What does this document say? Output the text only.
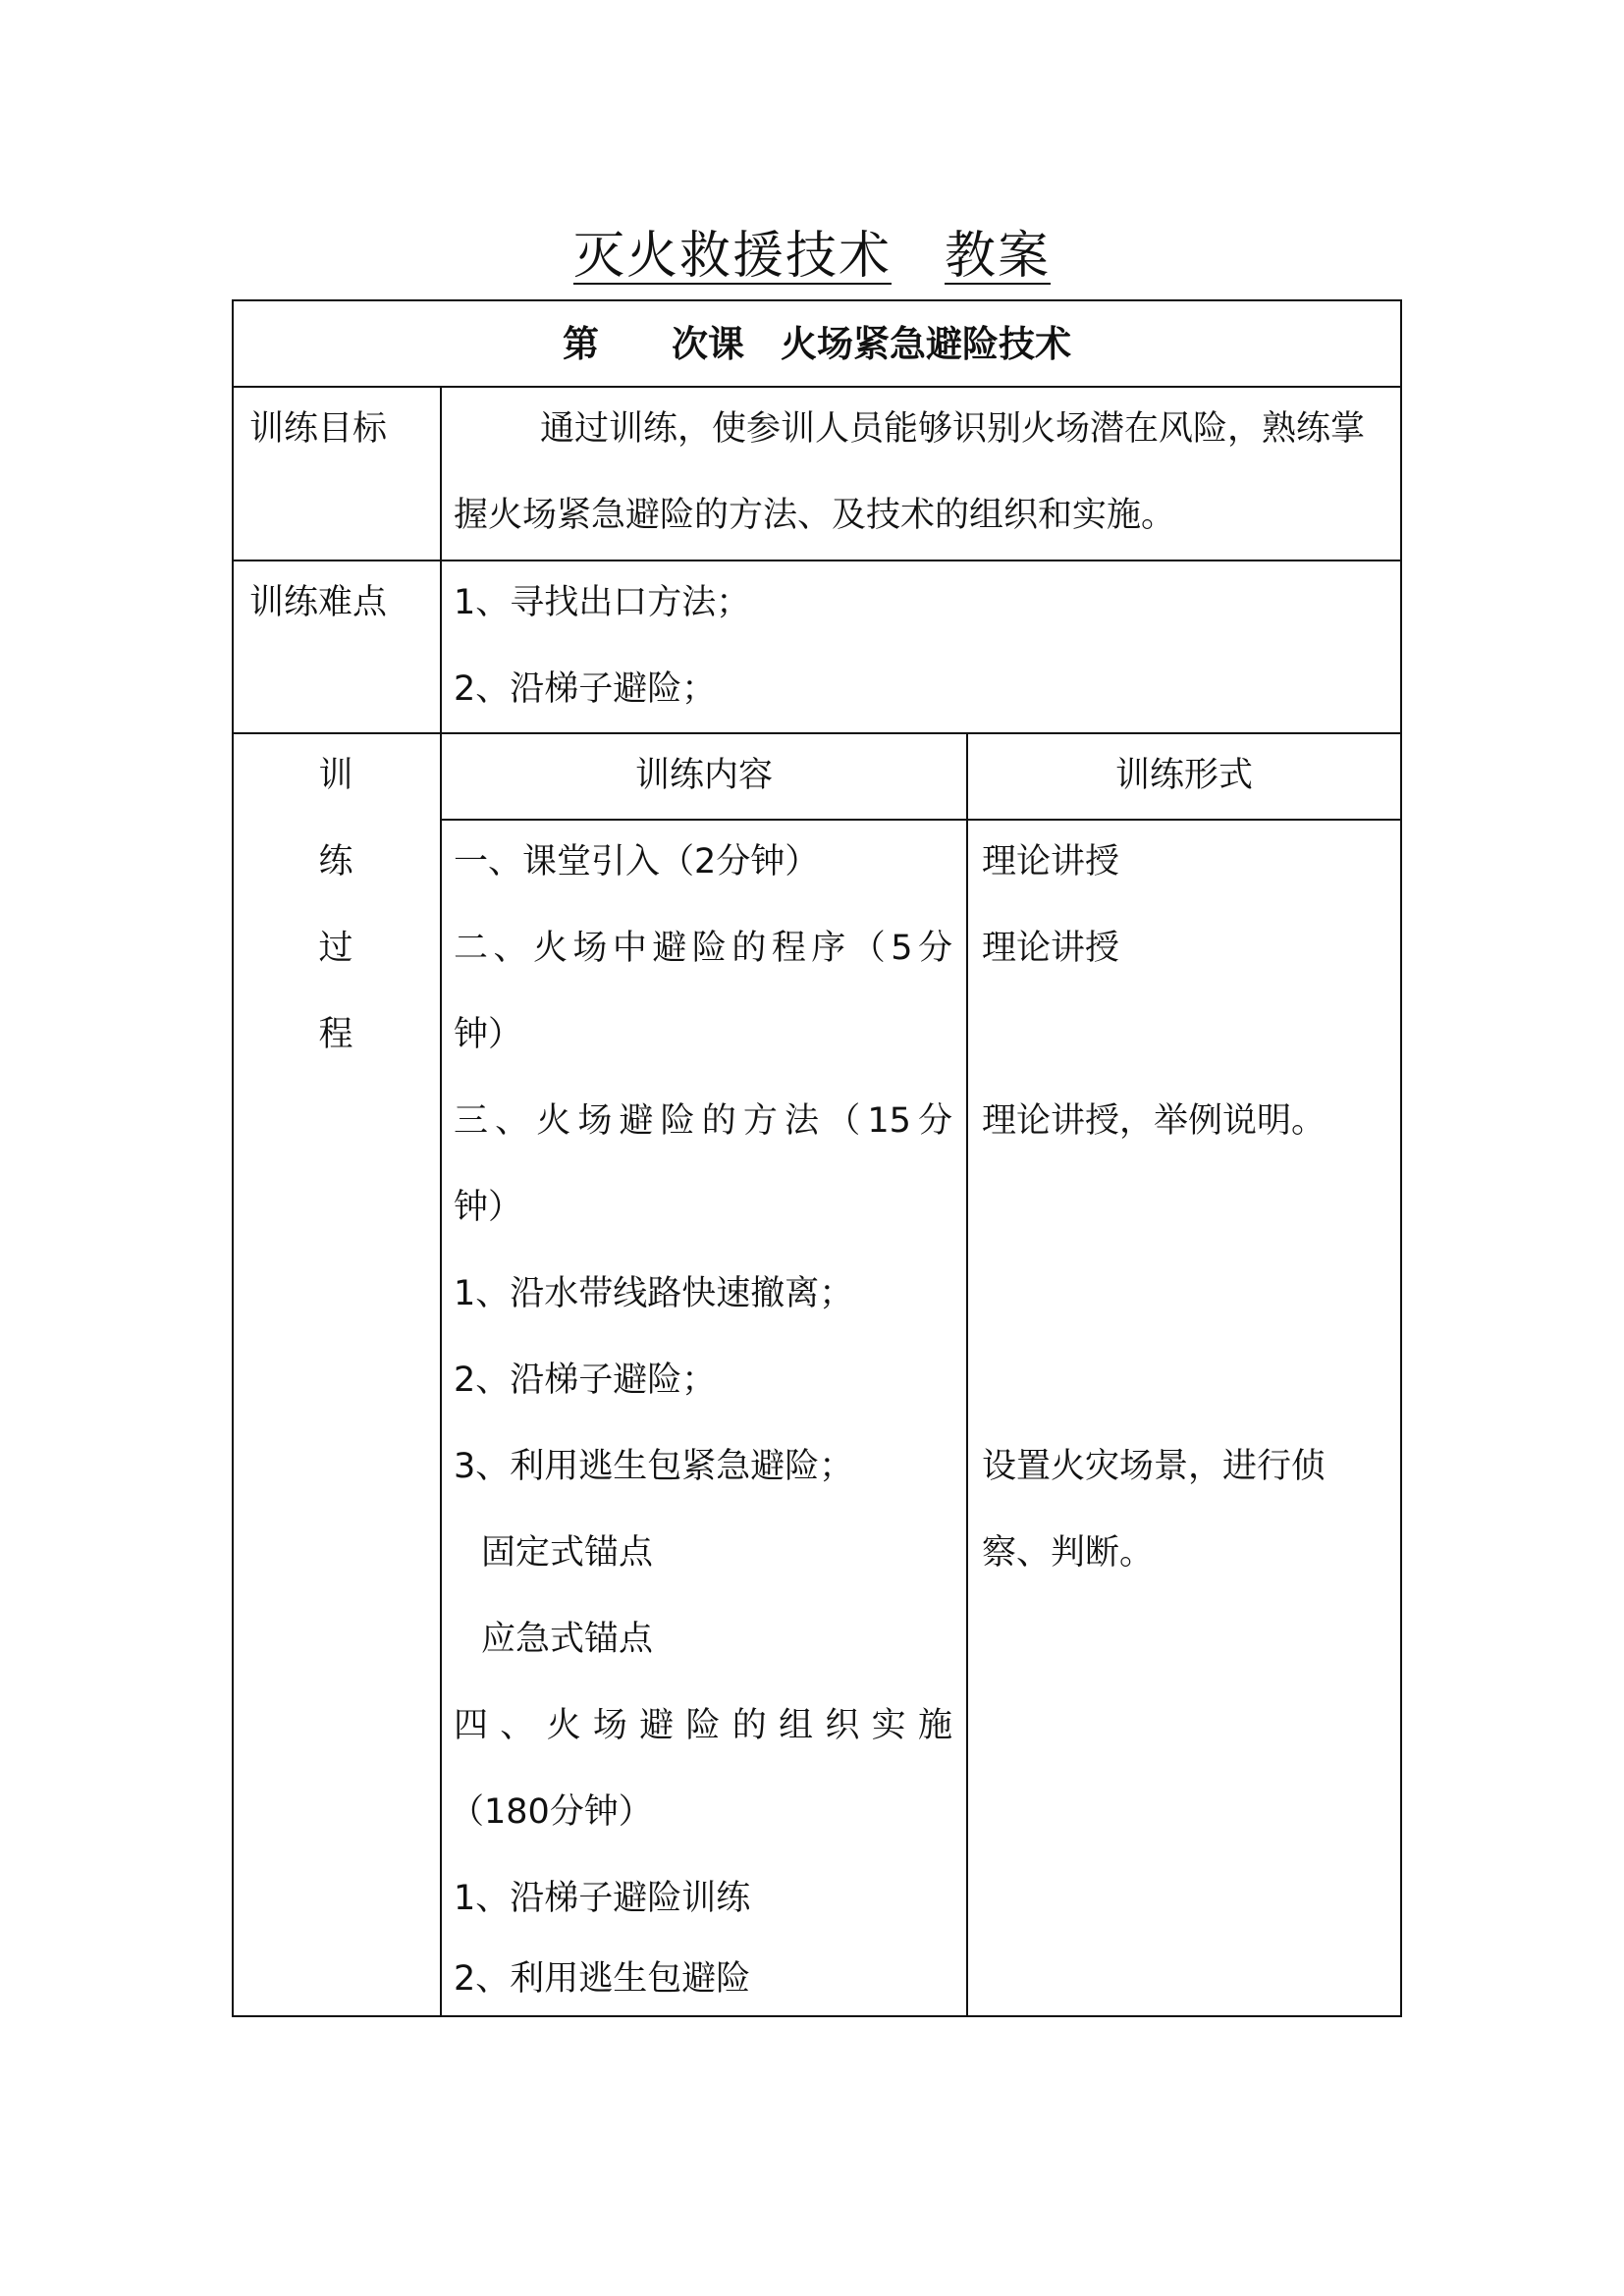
灭火救援技术　 教案
第　　 次课　 火场紧急避险技术
训练目标	通过训练，使参训人员能够识别火场潜在风险，熟练掌握火场紧急避险的方法、及技术的组织和实施。
训练难点 1、寻找出口方法；
2、沿梯子避险；
训
练
过
程
训练内容	训练形式
一、课堂引入（2分钟）
二、火场中避险的程序（5分
钟）
三、火场避险的方法（15分
钟）
1、沿水带线路快速撤离；
2、沿梯子避险；
3、利用逃生包紧急避险；
固定式锚点
应急式锚点
四、火场避险的组织实施
（180分钟）
1、沿梯子避险训练
2、利用逃生包避险
理论讲授
理论讲授
理论讲授，举例说明。
设置火灾场景，进行侦察、判断。
